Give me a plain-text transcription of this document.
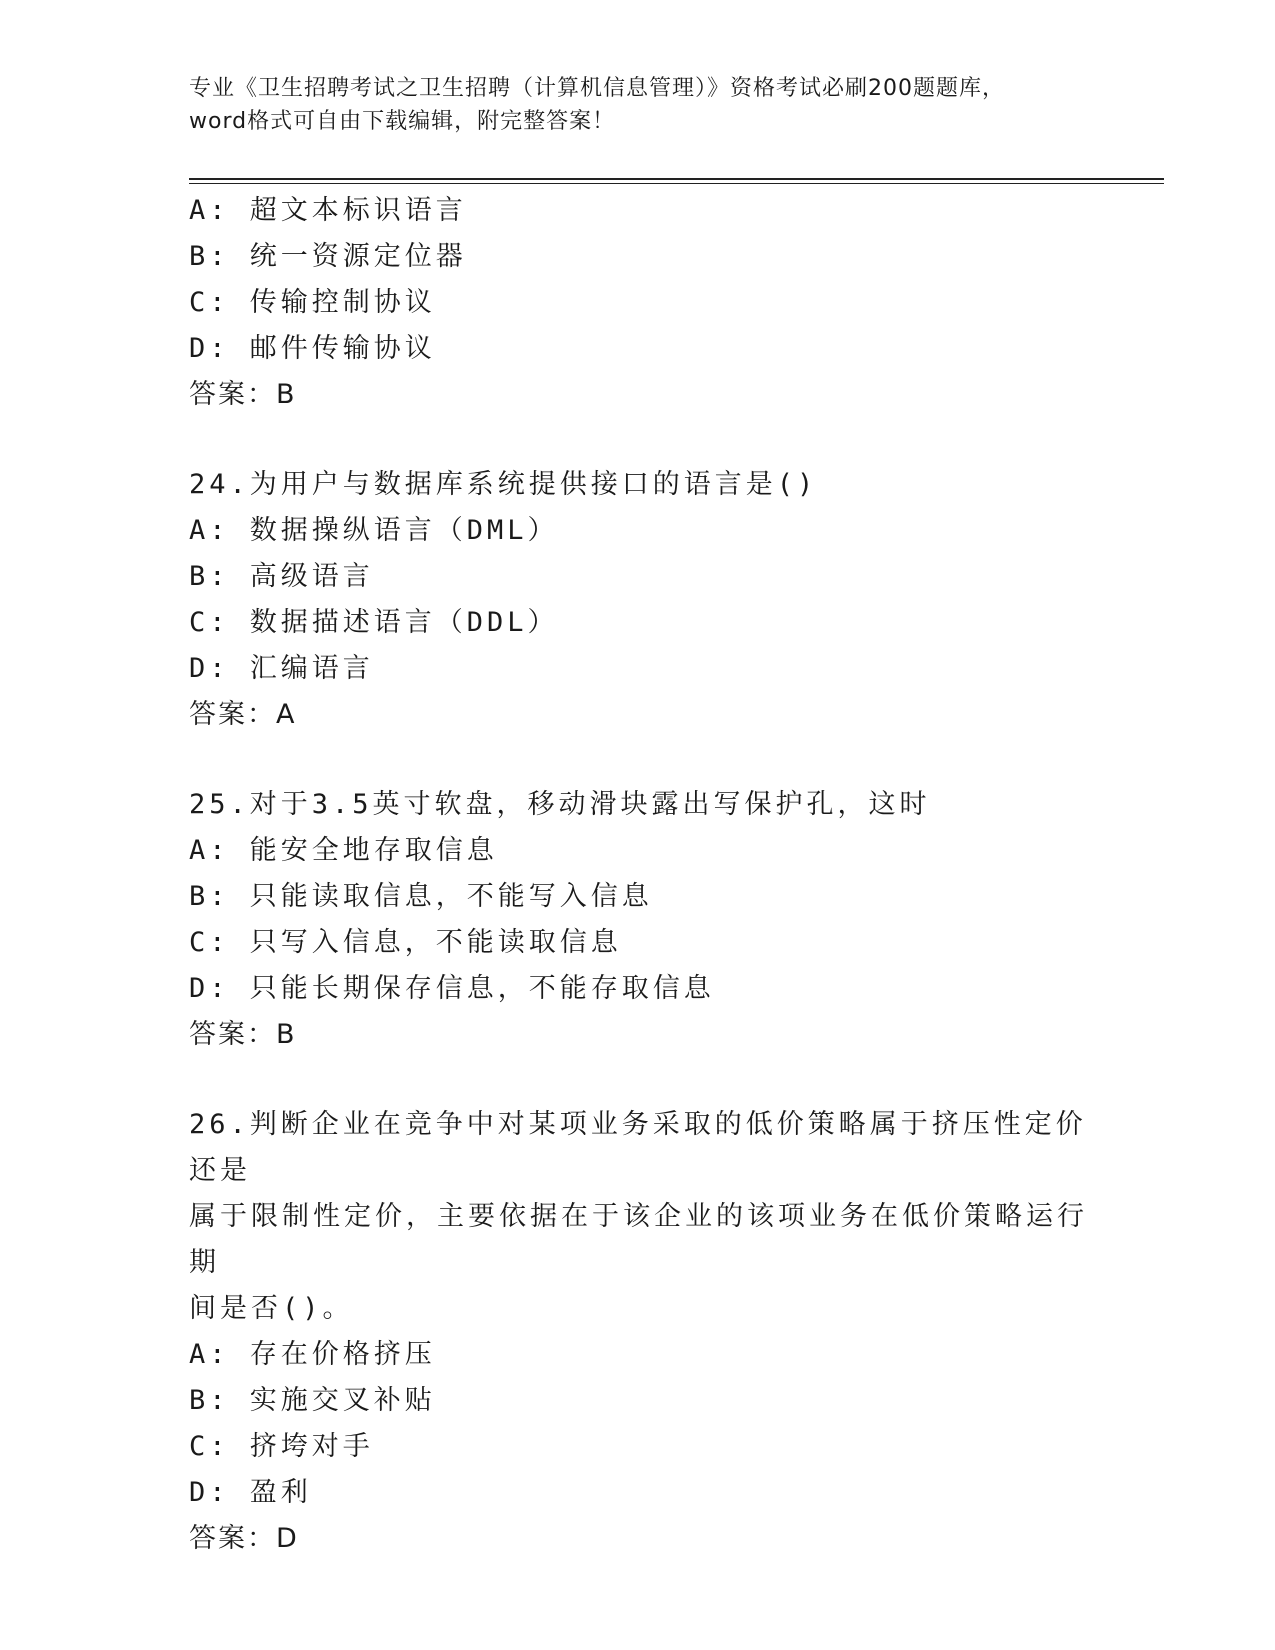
专业《卫生招聘考试之卫生招聘（计算机信息管理）》资格考试必刷200题题库，
word格式可自由下载编辑，附完整答案！
A: 超文本标识语言
B: 统一资源定位器
C: 传输控制协议
D: 邮件传输协议
答案：B
24.为用户与数据库系统提供接口的语言是()
A: 数据操纵语言（DML）
B: 高级语言
C: 数据描述语言（DDL）
D: 汇编语言
答案：A
25.对于3.5英寸软盘，移动滑块露出写保护孔，这时
A: 能安全地存取信息
B: 只能读取信息，不能写入信息
C: 只写入信息，不能读取信息
D: 只能长期保存信息，不能存取信息
答案：B
26.判断企业在竞争中对某项业务采取的低价策略属于挤压性定价还是
属于限制性定价，主要依据在于该企业的该项业务在低价策略运行期
间是否()。
A: 存在价格挤压
B: 实施交叉补贴
C: 挤垮对手
D: 盈利
答案：D
